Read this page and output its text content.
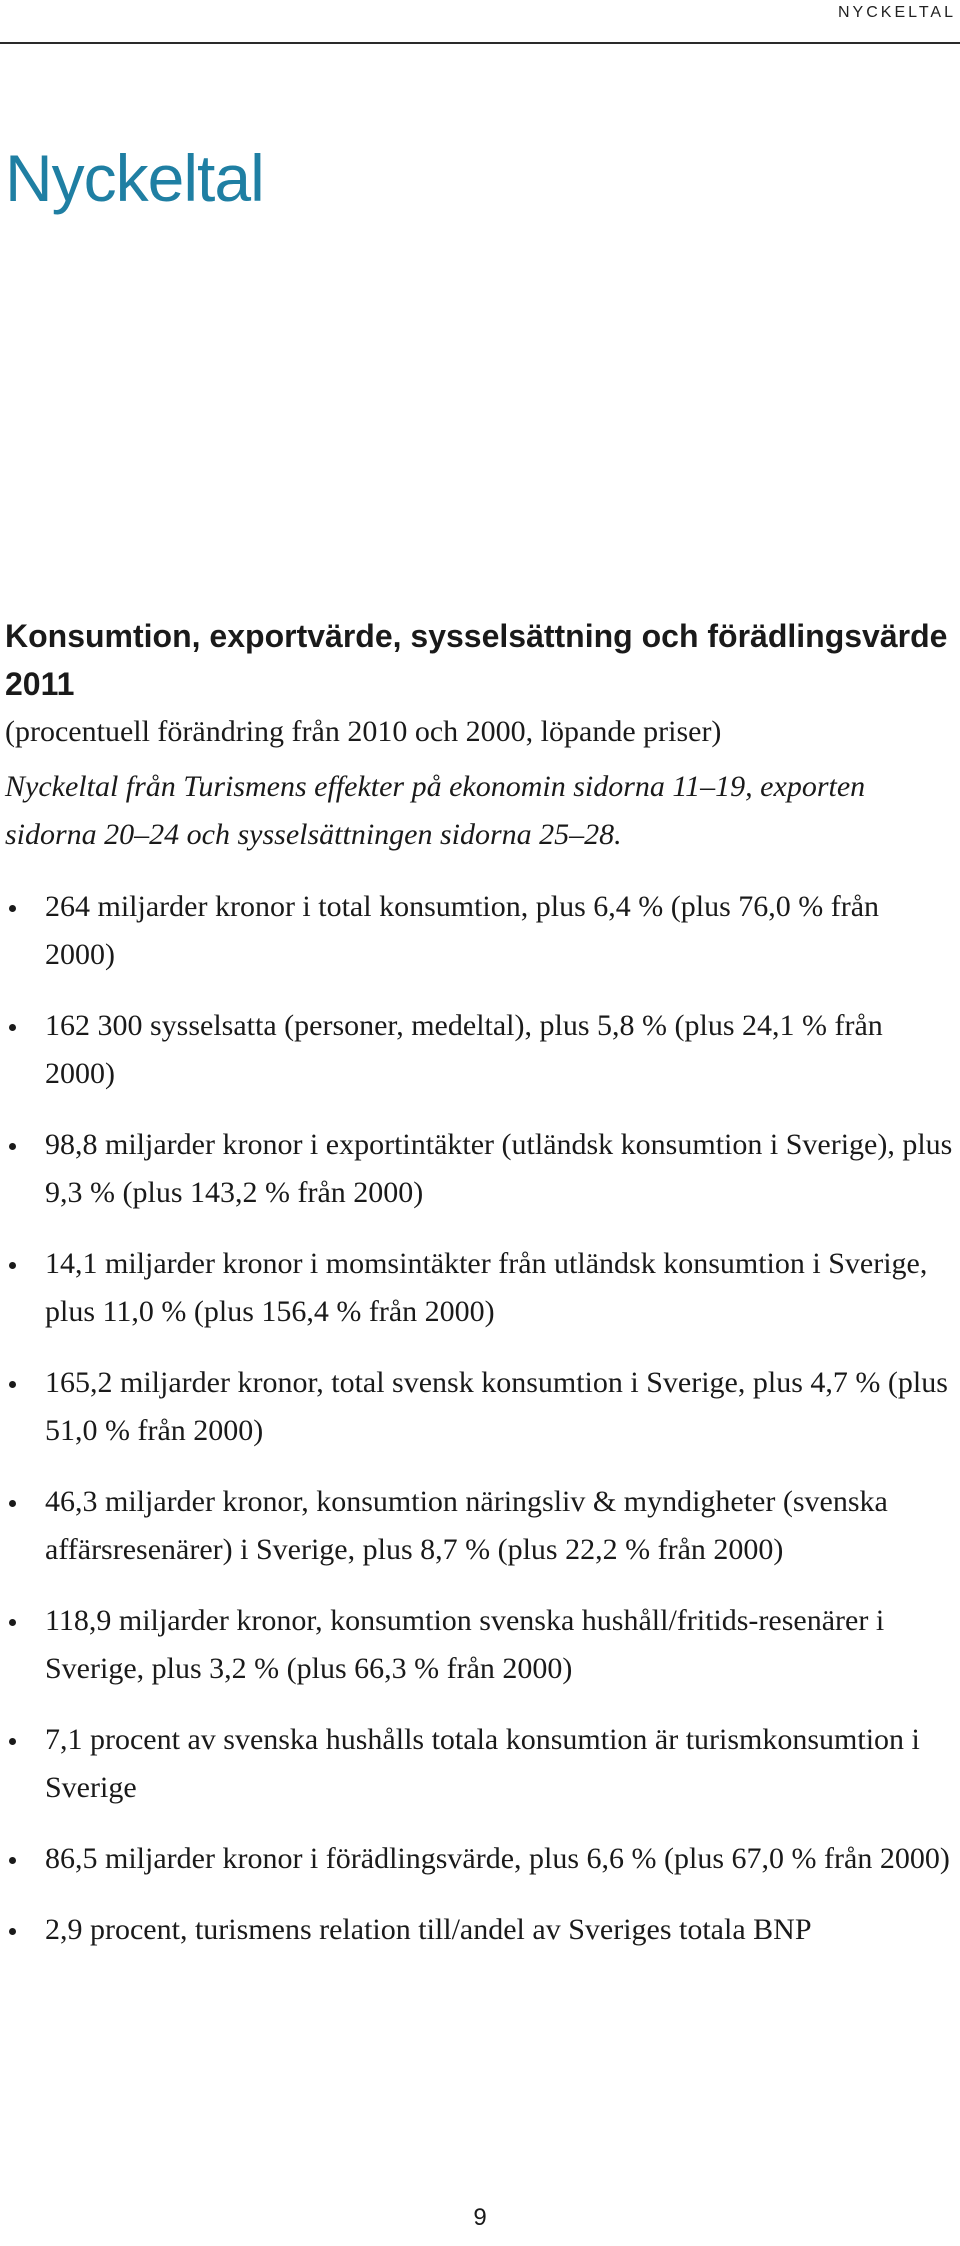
NYCKELTAL
Nyckeltal
Konsumtion, exportvärde, sysselsättning och förädlingsvärde 2011

(procentuell förändring från 2010 och 2000, löpande priser)

Nyckeltal från Turismens effekter på ekonomin sidorna 11–19, exporten sidorna 20–24 och sysselsättningen sidorna 25–28.

264 miljarder kronor i total konsumtion, plus 6,4 % (plus 76,0 % från 2000)
162 300 sysselsatta (personer, medeltal), plus 5,8 % (plus 24,1 % från 2000)
98,8 miljarder kronor i exportintäkter (utländsk konsumtion i Sverige), plus 9,3 % (plus 143,2 % från 2000)
14,1 miljarder kronor i momsintäkter från utländsk konsumtion i Sverige, plus 11,0 % (plus 156,4 % från 2000)
165,2 miljarder kronor, total svensk konsumtion i Sverige, plus 4,7 % (plus 51,0 % från 2000)
46,3 miljarder kronor, konsumtion näringsliv & myndigheter (svenska affärsresenärer) i Sverige, plus 8,7 % (plus 22,2 % från 2000)
118,9 miljarder kronor, konsumtion svenska hushåll/fritids-resenärer i Sverige, plus 3,2 % (plus 66,3 % från 2000)
7,1 procent av svenska hushålls totala konsumtion är turismkonsumtion i Sverige
86,5 miljarder kronor i förädlingsvärde, plus 6,6 % (plus 67,0 % från 2000)
2,9 procent, turismens relation till/andel av Sveriges totala BNP
9
